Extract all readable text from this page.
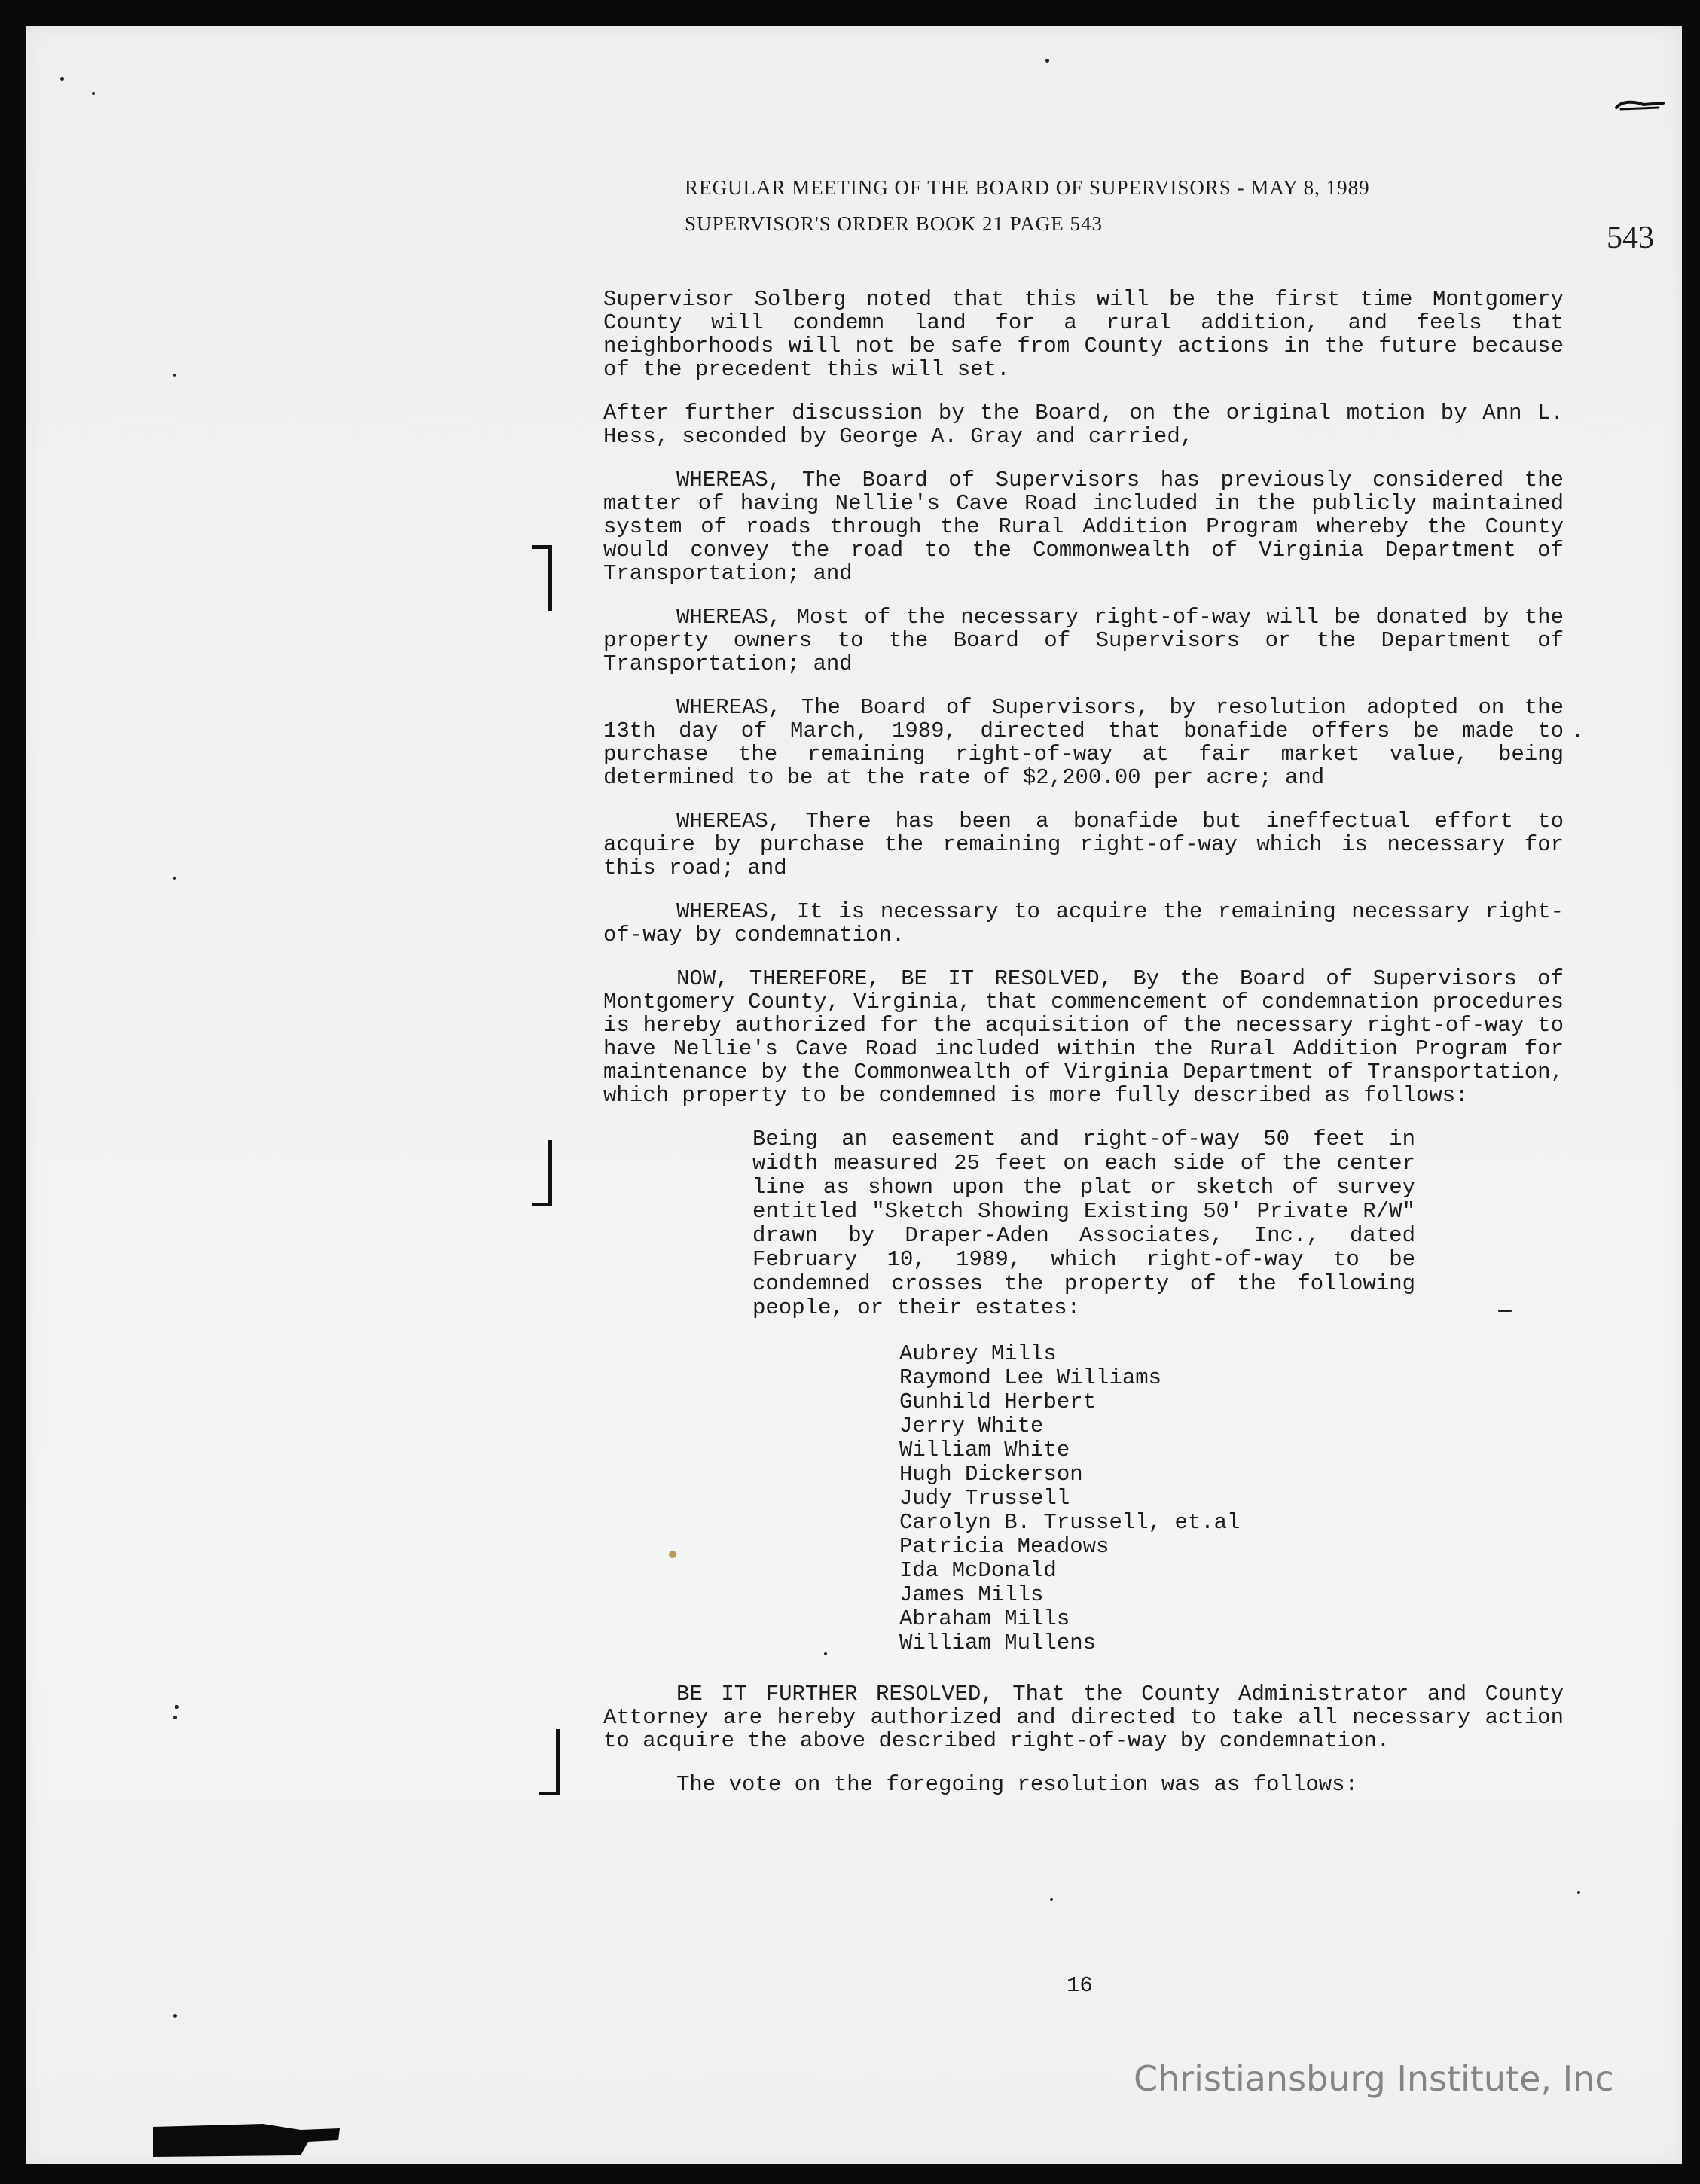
REGULAR MEETING OF THE BOARD OF SUPERVISORS - MAY 8, 1989
SUPERVISOR'S ORDER BOOK 21 PAGE 543	543

Supervisor Solberg noted that this will be the first time Montgomery County will condemn land for a rural addition, and feels that neighborhoods will not be safe from County actions in the future because of the precedent this will set.

After further discussion by the Board, on the original motion by Ann L. Hess, seconded by George A. Gray and carried,

WHEREAS, The Board of Supervisors has previously considered the matter of having Nellie's Cave Road included in the publicly maintained system of roads through the Rural Addition Program whereby the County would convey the road to the Commonwealth of Virginia Department of Transportation; and

WHEREAS, Most of the necessary right-of-way will be donated by the property owners to the Board of Supervisors or the Department of Transportation; and

WHEREAS, The Board of Supervisors, by resolution adopted on the 13th day of March, 1989, directed that bonafide offers be made to purchase the remaining right-of-way at fair market value, being determined to be at the rate of $2,200.00 per acre; and

WHEREAS, There has been a bonafide but ineffectual effort to acquire by purchase the remaining right-of-way which is necessary for this road; and

WHEREAS, It is necessary to acquire the remaining necessary right-of-way by condemnation.

NOW, THEREFORE, BE IT RESOLVED, By the Board of Supervisors of Montgomery County, Virginia, that commencement of condemnation procedures is hereby authorized for the acquisition of the necessary right-of-way to have Nellie's Cave Road included within the Rural Addition Program for maintenance by the Commonwealth of Virginia Department of Transportation, which property to be condemned is more fully described as follows:

Being an easement and right-of-way 50 feet in width measured 25 feet on each side of the center line as shown upon the plat or sketch of survey entitled "Sketch Showing Existing 50' Private R/W" drawn by Draper-Aden Associates, Inc., dated February 10, 1989, which right-of-way to be condemned crosses the property of the following people, or their estates:

Aubrey Mills
Raymond Lee Williams
Gunhild Herbert
Jerry White
William White
Hugh Dickerson
Judy Trussell
Carolyn B. Trussell, et.al
Patricia Meadows
Ida McDonald
James Mills
Abraham Mills
William Mullens

BE IT FURTHER RESOLVED, That the County Administrator and County Attorney are hereby authorized and directed to take all necessary action to acquire the above described right-of-way by condemnation.

The vote on the foregoing resolution was as follows:

16
Christiansburg Institute, Inc
